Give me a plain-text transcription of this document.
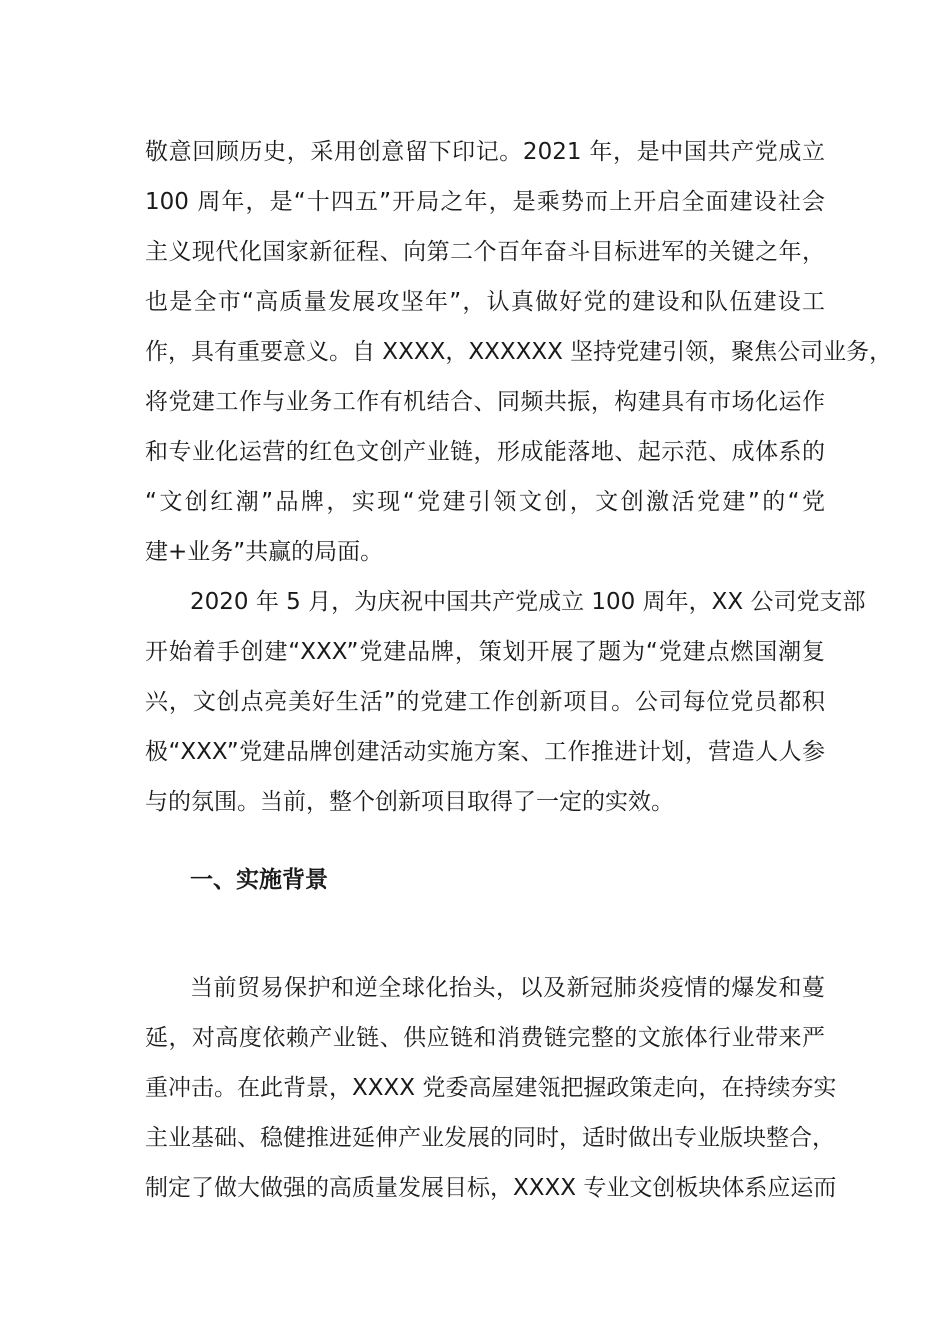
敬意回顾历史，采用创意留下印记。2021 年，是中国共产党成立

100 周年，是“十四五”开局之年，是乘势而上开启全面建设社会

主义现代化国家新征程、向第二个百年奋斗目标进军的关键之年，

也是全市“高质量发展攻坚年”，认真做好党的建设和队伍建设工

作，具有重要意义。自 XXXX，XXXXXX 坚持党建引领，聚焦公司业务，

将党建工作与业务工作有机结合、同频共振，构建具有市场化运作

和专业化运营的红色文创产业链，形成能落地、起示范、成体系的

“文创红潮”品牌，实现“党建引领文创，文创激活党建”的“党

建+业务”共赢的局面。

2020 年 5 月，为庆祝中国共产党成立 100 周年，XX 公司党支部

开始着手创建“XXX”党建品牌，策划开展了题为“党建点燃国潮复

兴，文创点亮美好生活”的党建工作创新项目。公司每位党员都积

极“XXX”党建品牌创建活动实施方案、工作推进计划，营造人人参

与的氛围。当前，整个创新项目取得了一定的实效。

一、实施背景

当前贸易保护和逆全球化抬头，以及新冠肺炎疫情的爆发和蔓

延，对高度依赖产业链、供应链和消费链完整的文旅体行业带来严

重冲击。在此背景，XXXX 党委高屋建瓴把握政策走向，在持续夯实

主业基础、稳健推进延伸产业发展的同时，适时做出专业版块整合，

制定了做大做强的高质量发展目标，XXXX 专业文创板块体系应运而
